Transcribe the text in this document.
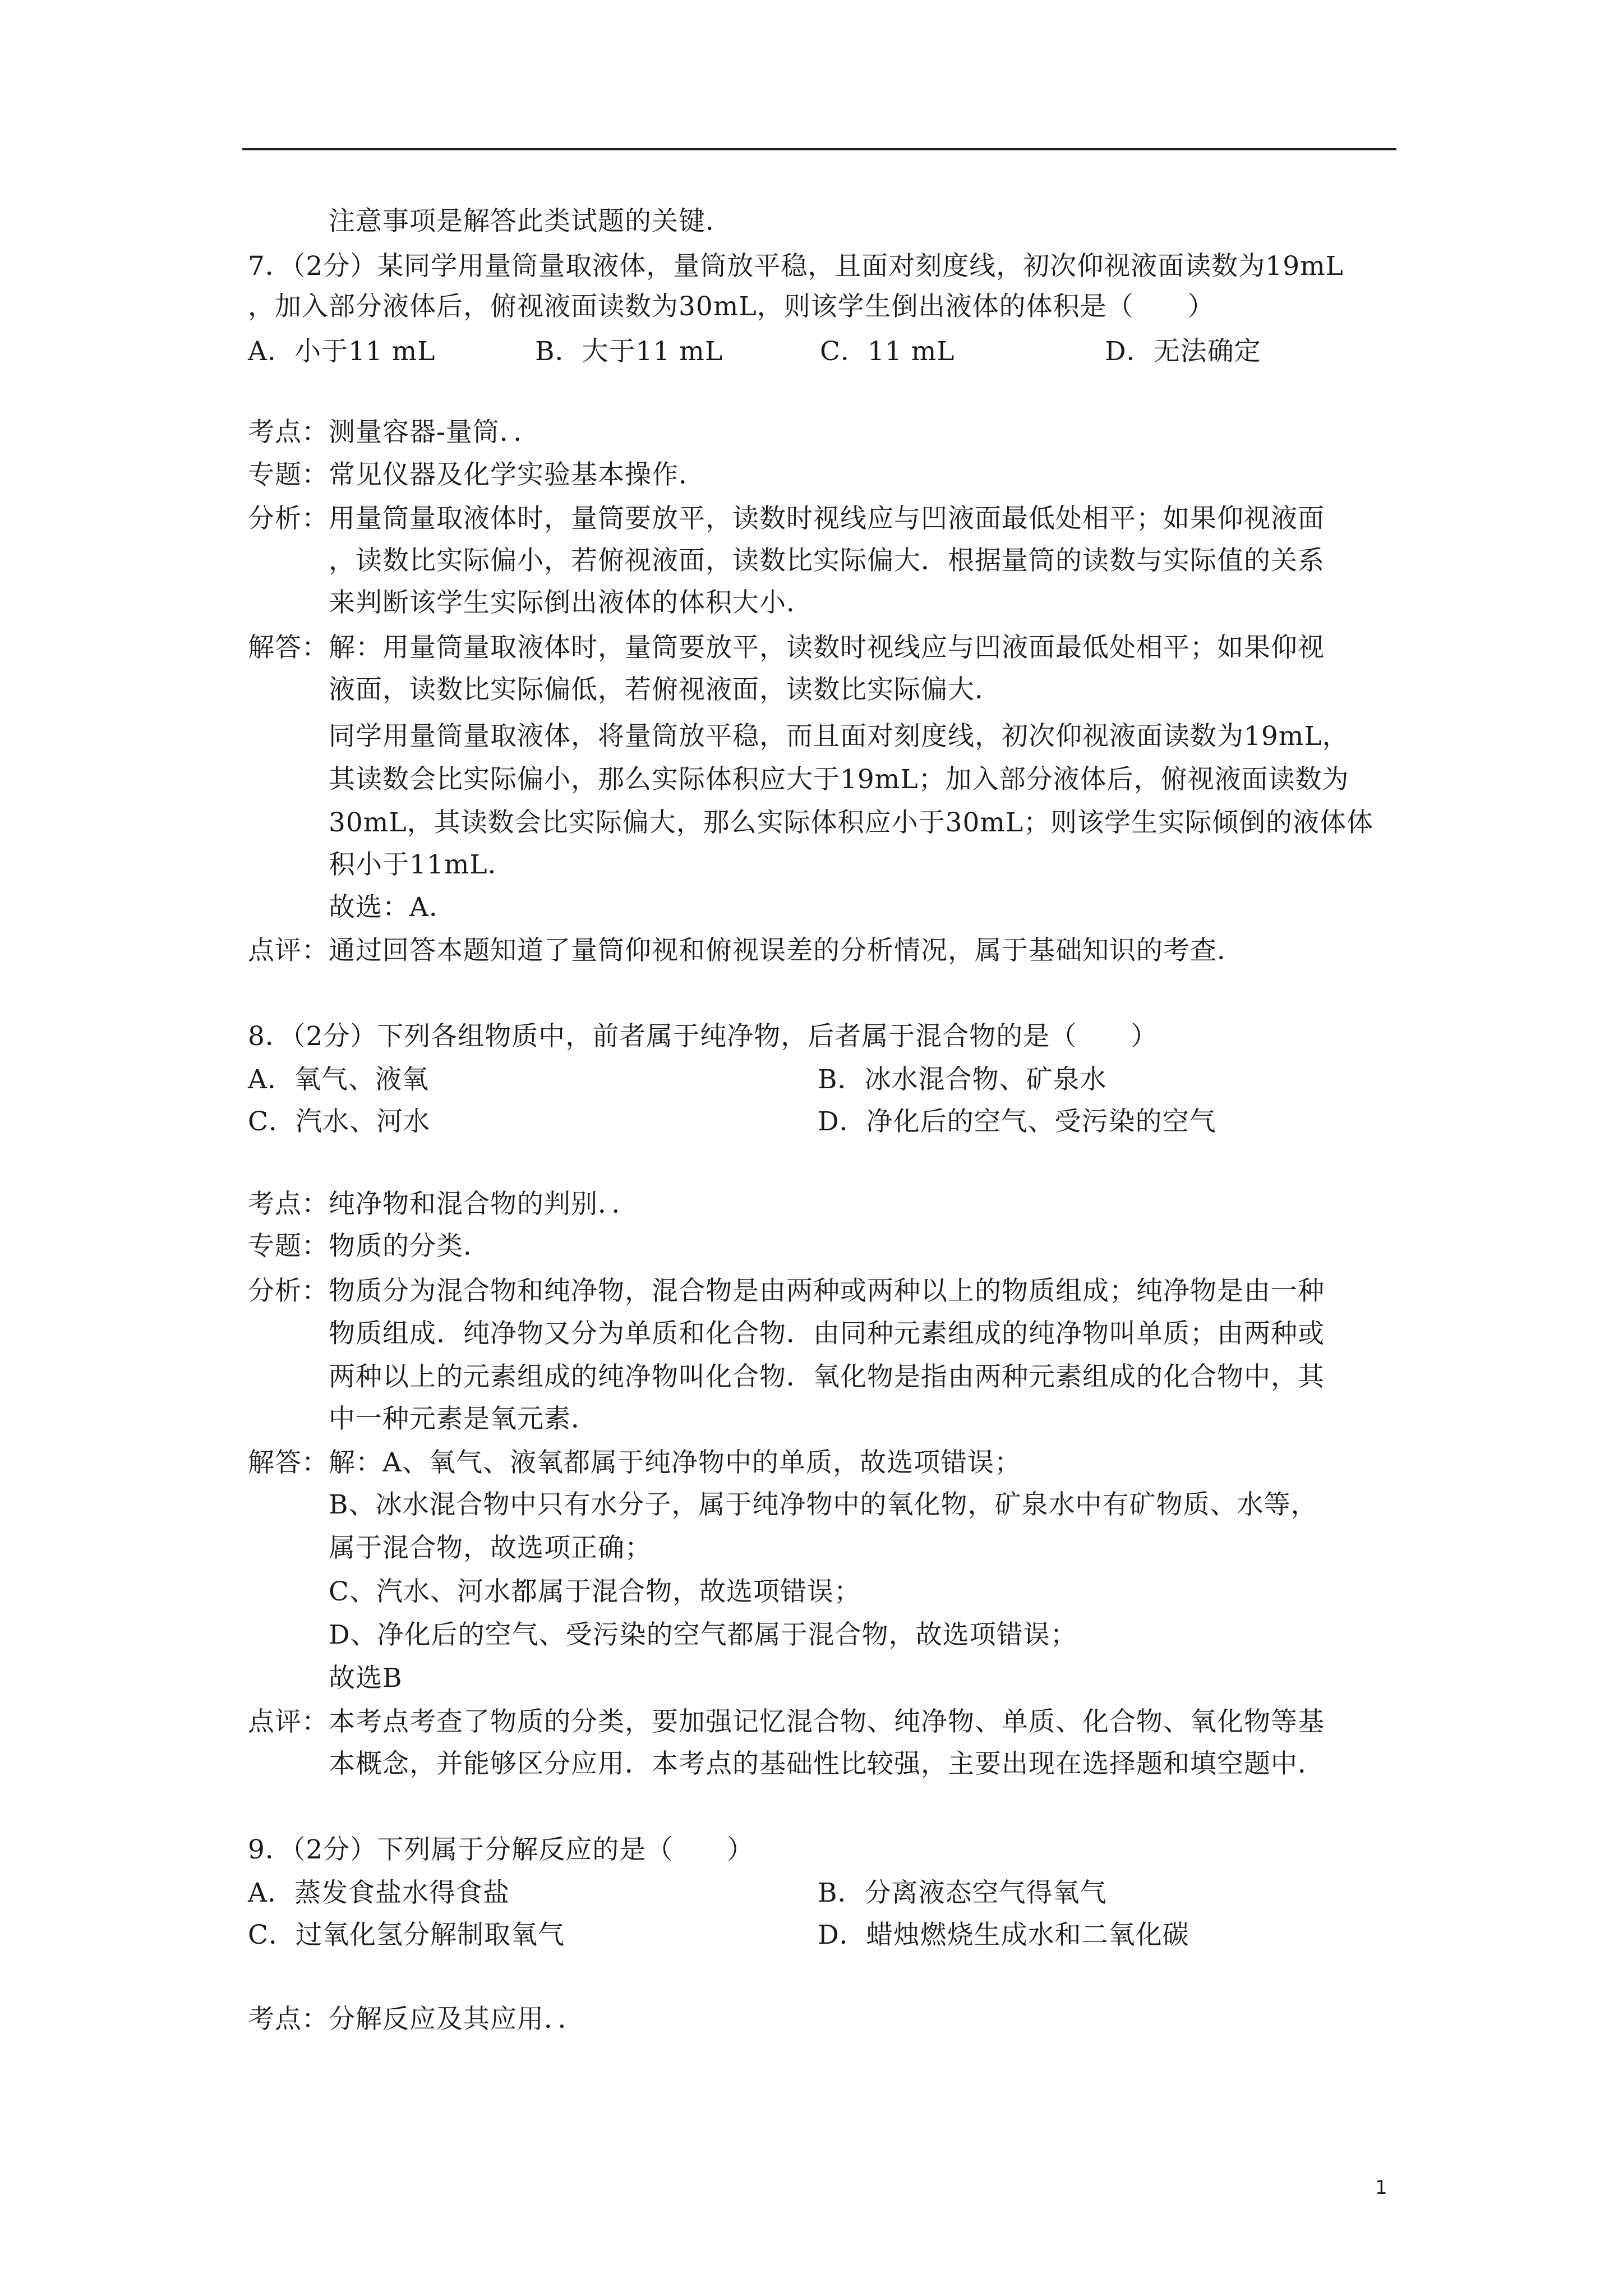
注意事项是解答此类试题的关键．
7．（2分）某同学用量筒量取液体，量筒放平稳，且面对刻度线，初次仰视液面读数为19mL
，加入部分液体后，俯视液面读数为30mL，则该学生倒出液体的体积是（　　）
A．小于11 mL	B．大于11 mL	C．11 mL	D．无法确定
考点：测量容器-量筒．．
专题：常见仪器及化学实验基本操作．
分析：用量筒量取液体时，量筒要放平，读数时视线应与凹液面最低处相平；如果仰视液面
，读数比实际偏小，若俯视液面，读数比实际偏大．根据量筒的读数与实际值的关系
来判断该学生实际倒出液体的体积大小．
解答：解：用量筒量取液体时，量筒要放平，读数时视线应与凹液面最低处相平；如果仰视
液面，读数比实际偏低，若俯视液面，读数比实际偏大．
同学用量筒量取液体，将量筒放平稳，而且面对刻度线，初次仰视液面读数为19mL，
其读数会比实际偏小，那么实际体积应大于19mL；加入部分液体后，俯视液面读数为
30mL，其读数会比实际偏大，那么实际体积应小于30mL；则该学生实际倾倒的液体体
积小于11mL．
故选：A．
点评：通过回答本题知道了量筒仰视和俯视误差的分析情况，属于基础知识的考查．
8．（2分）下列各组物质中，前者属于纯净物，后者属于混合物的是（　　）
A．氧气、液氧	B．冰水混合物、矿泉水
C．汽水、河水	D．净化后的空气、受污染的空气
考点：纯净物和混合物的判别．．
专题：物质的分类．
分析：物质分为混合物和纯净物，混合物是由两种或两种以上的物质组成；纯净物是由一种
物质组成．纯净物又分为单质和化合物．由同种元素组成的纯净物叫单质；由两种或
两种以上的元素组成的纯净物叫化合物．氧化物是指由两种元素组成的化合物中，其
中一种元素是氧元素．
解答：解：A、氧气、液氧都属于纯净物中的单质，故选项错误；
B、冰水混合物中只有水分子，属于纯净物中的氧化物，矿泉水中有矿物质、水等，
属于混合物，故选项正确；
C、汽水、河水都属于混合物，故选项错误；
D、净化后的空气、受污染的空气都属于混合物，故选项错误；
故选B
点评：本考点考查了物质的分类，要加强记忆混合物、纯净物、单质、化合物、氧化物等基
本概念，并能够区分应用．本考点的基础性比较强，主要出现在选择题和填空题中．
9．（2分）下列属于分解反应的是（　　）
A．蒸发食盐水得食盐	B．分离液态空气得氧气
C．过氧化氢分解制取氧气	D．蜡烛燃烧生成水和二氧化碳
考点：分解反应及其应用．．
1
